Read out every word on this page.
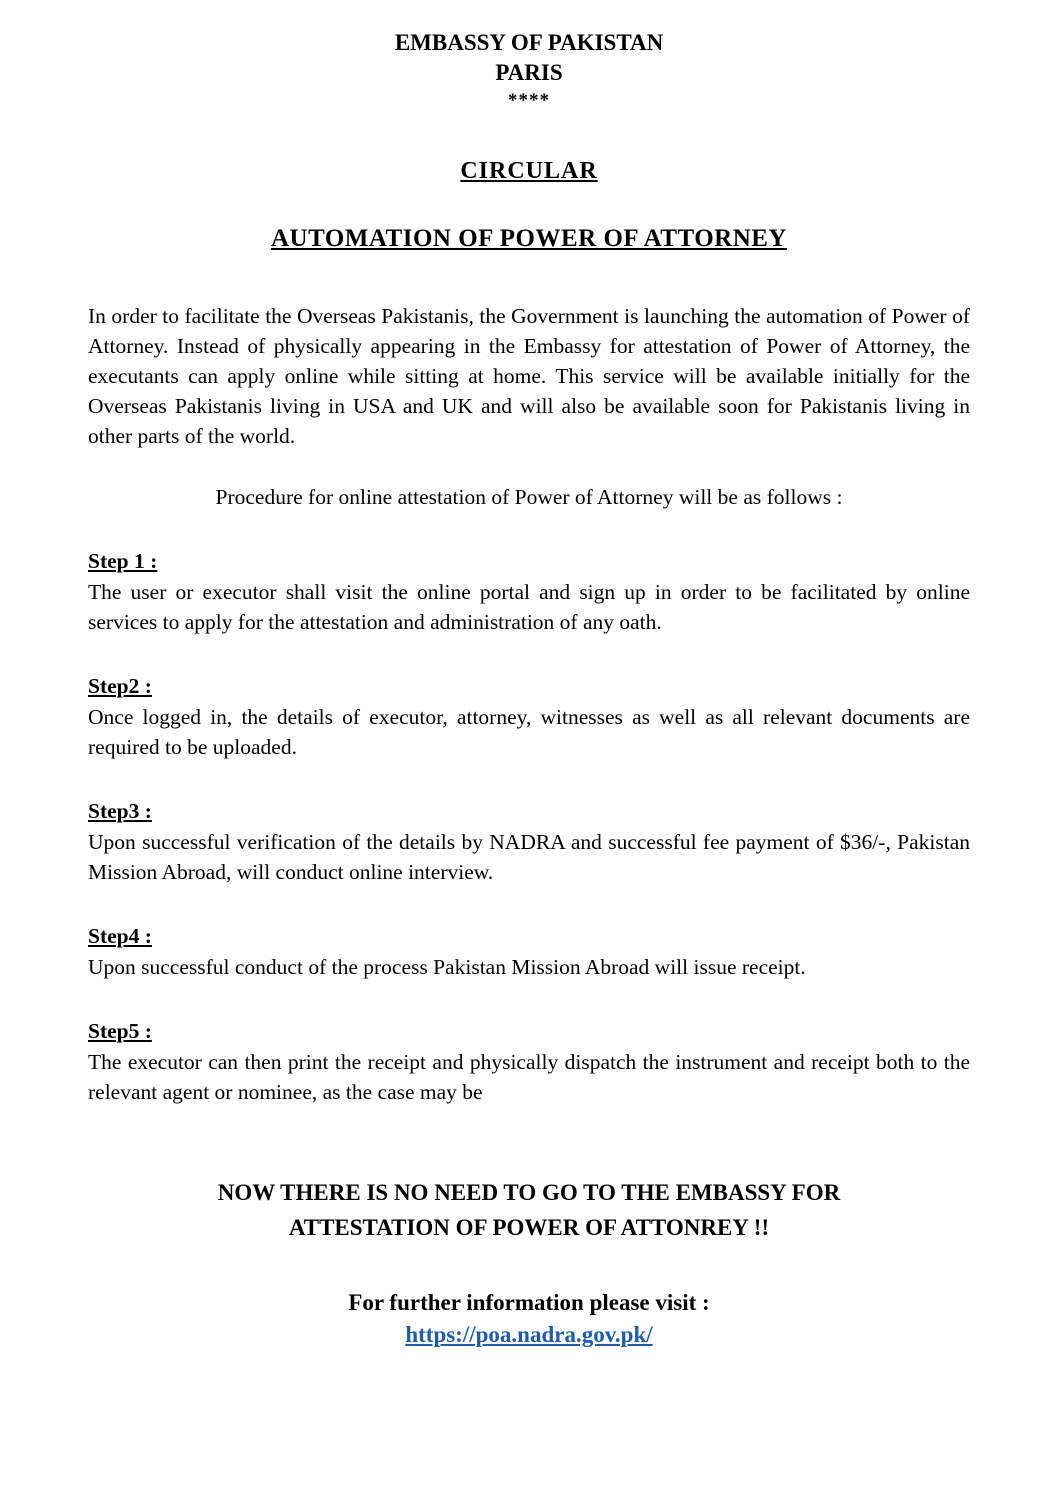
EMBASSY OF PAKISTAN
PARIS
****
CIRCULAR
AUTOMATION OF POWER OF ATTORNEY

In order to facilitate the Overseas Pakistanis, the Government is launching the automation of Power of Attorney. Instead of physically appearing in the Embassy for attestation of Power of Attorney, the executants can apply online while sitting at home. This service will be available initially for the Overseas Pakistanis living in USA and UK and will also be available soon for Pakistanis living in other parts of the world.

Procedure for online attestation of Power of Attorney will be as follows :

Step 1 :

The user or executor shall visit the online portal and sign up in order to be facilitated by online services to apply for the attestation and administration of any oath.

Step2 :

Once logged in, the details of executor, attorney, witnesses as well as all relevant documents are required to be uploaded.

Step3 :

Upon successful verification of the details by NADRA and successful fee payment of $36/-, Pakistan Mission Abroad, will conduct online interview.

Step4 :

Upon successful conduct of the process Pakistan Mission Abroad will issue receipt.

Step5 :

The executor can then print the receipt and physically dispatch the instrument and receipt both to the relevant agent or nominee, as the case may be

NOW THERE IS NO NEED TO GO TO THE EMBASSY FOR
ATTESTATION OF POWER OF ATTONREY !!
For further information please visit :
https://poa.nadra.gov.pk/
